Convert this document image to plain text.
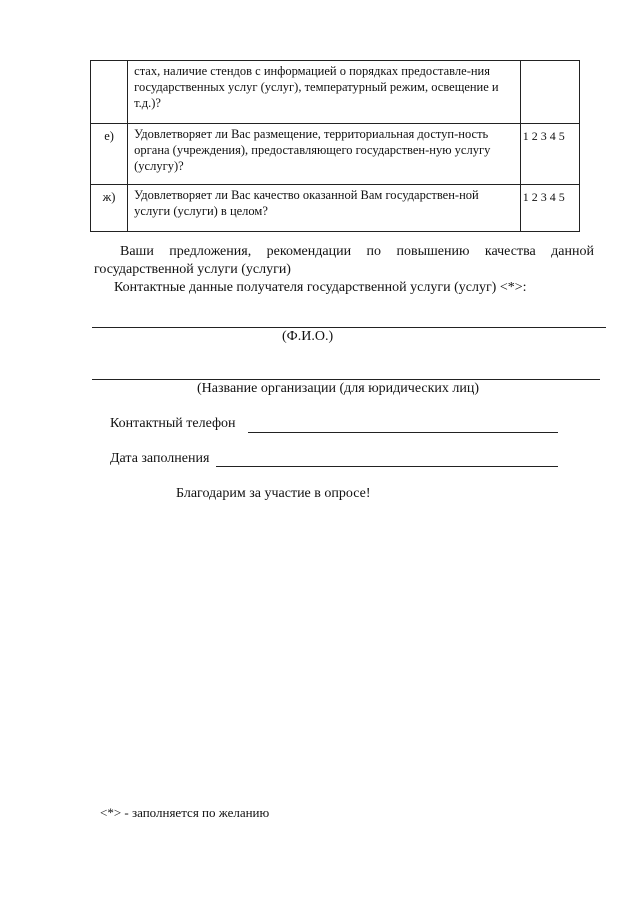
	стах, наличие стендов с информацией о порядках предоставле-ния государственных услуг (услуг), температурный режим, освещение и т.д.)?	
е)	Удовлетворяет ли Вас размещение, территориальная доступ-ность органа (учреждения), предоставляющего государствен-ную услугу (услугу)?	1 2 3 4 5
ж)	Удовлетворяет ли Вас качество оказанной Вам государствен-ной услуги (услуги) в целом?	1 2 3 4 5
Ваши предложения, рекомендации по повышению качества данной государственной услуги (услуги)
Контактные данные получателя государственной услуги (услуг) <*>:
(Ф.И.О.)
(Название организации (для юридических лиц)
Контактный телефон
Дата заполнения
Благодарим за участие в опросе!
<*> - заполняется по желанию
